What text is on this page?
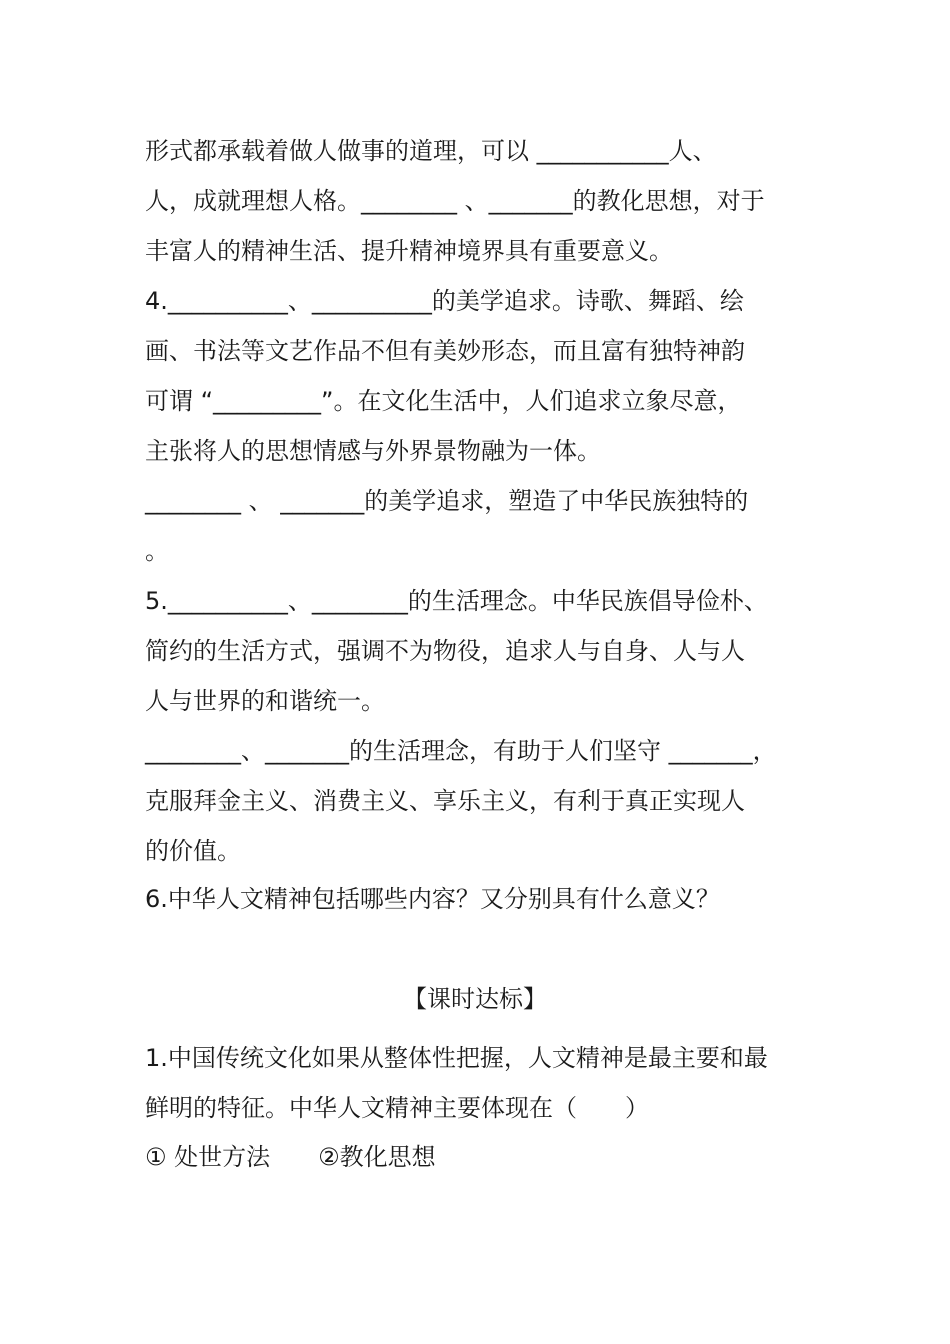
形式都承载着做人做事的道理，可以 ___________人、
人，成就理想人格。________ 、_______的教化思想，对于
丰富人的精神生活、提升精神境界具有重要意义。
4.__________、__________的美学追求。诗歌、舞蹈、绘
画、书法等文艺作品不但有美妙形态，而且富有独特神韵
可谓 “_________”。在文化生活中，人们追求立象尽意，
主张将人的思想情感与外界景物融为一体。
________ 、 _______的美学追求，塑造了中华民族独特的
。
5.__________、________的生活理念。中华民族倡导俭朴、
简约的生活方式，强调不为物役，追求人与自身、人与人
人与世界的和谐统一。
________、_______的生活理念，有助于人们坚守 _______，
克服拜金主义、消费主义、享乐主义，有利于真正实现人
的价值。
6.中华人文精神包括哪些内容？又分别具有什么意义？
【课时达标】
1.中国传统文化如果从整体性把握，人文精神是最主要和最
鲜明的特征。中华人文精神主要体现在（　　）
① 处世方法　　②教化思想
